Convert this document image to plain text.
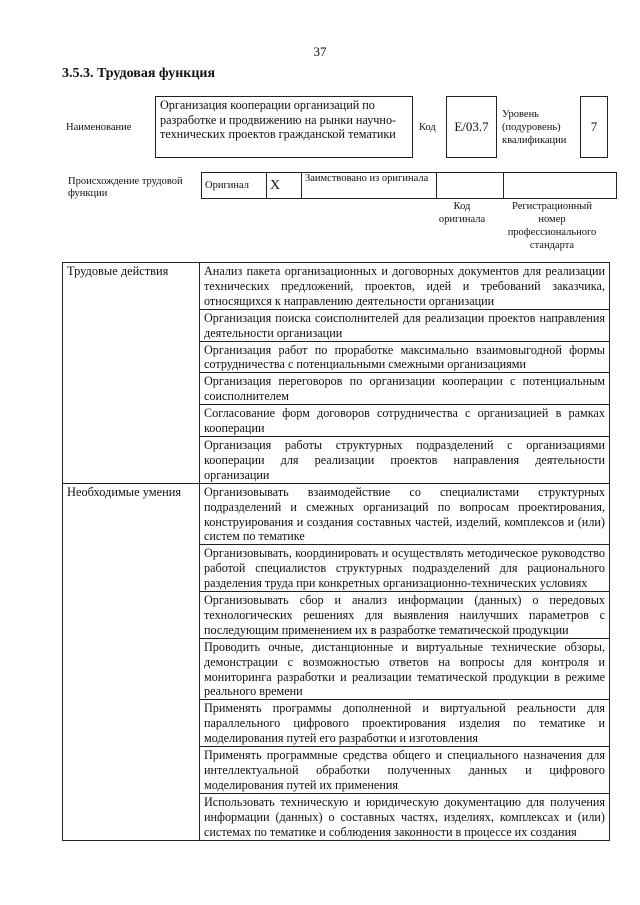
37
3.5.3. Трудовая функция
Наименование
Организация кооперации организаций по разработке и продвижению на рынки научно-технических проектов гражданской тематики	Код	E/03.7
Уровень (подуровень) квалификации
7
Происхождение трудовой функции
Оригинал	X	Заимствовано из оригинала		
Код оригинала
Регистрационный номер профессионального стандарта
Трудовые действия	Анализ пакета организационных и договорных документов для реализации технических предложений, проектов, идей и требований заказчика, относящихся к направлению деятельности организации
	Организация поиска соисполнителей для реализации проектов направления деятельности организации
	Организация работ по проработке максимально взаимовыгодной формы сотрудничества с потенциальными смежными организациями
	Организация переговоров по организации кооперации с потенциальным соисполнителем
	Согласование форм договоров сотрудничества с организацией в рамках кооперации
	Организация работы структурных подразделений с организациями кооперации для реализации проектов направления деятельности организации
Необходимые умения	Организовывать взаимодействие со специалистами структурных подразделений и смежных организаций по вопросам проектирования, конструирования и создания составных частей, изделий, комплексов и (или) систем по тематике
	Организовывать, координировать и осуществлять методическое руководство работой специалистов структурных подразделений для рационального разделения труда при конкретных организационно-технических условиях
	Организовывать сбор и анализ информации (данных) о передовых технологических решениях для выявления наилучших параметров с последующим применением их в разработке тематической продукции
	Проводить очные, дистанционные и виртуальные технические обзоры, демонстрации с возможностью ответов на вопросы для контроля и мониторинга разработки и реализации тематической продукции в режиме реального времени
	Применять программы дополненной и виртуальной реальности для параллельного цифрового проектирования изделия по тематике и моделирования путей его разработки и изготовления
	Применять программные средства общего и специального назначения для интеллектуальной обработки полученных данных и цифрового моделирования путей их применения
	Использовать техническую и юридическую документацию для получения информации (данных) о составных частях, изделиях, комплексах и (или) системах по тематике и соблюдения законности в процессе их создания
